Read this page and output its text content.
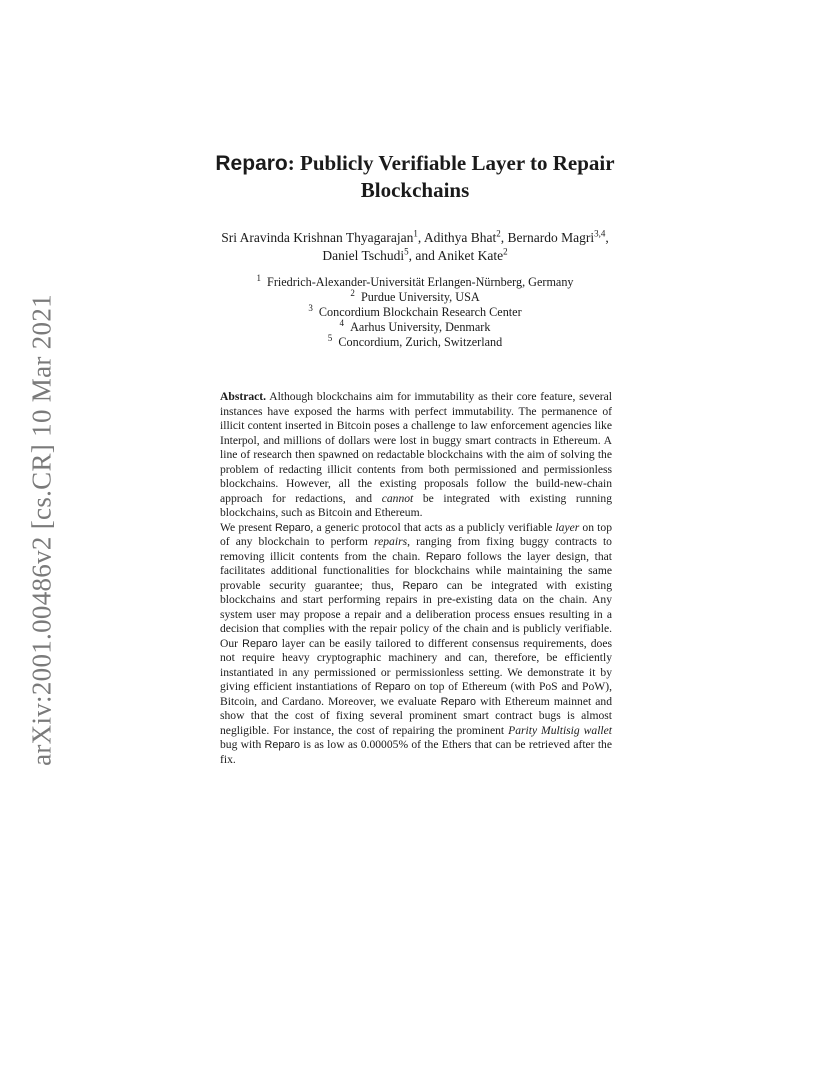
arXiv:2001.00486v2 [cs.CR] 10 Mar 2021
Reparo: Publicly Verifiable Layer to Repair
Blockchains
Sri Aravinda Krishnan Thyagarajan$^1$, Adithya Bhat$^2$, Bernardo Magri$^{3,4}$,
Daniel Tschudi$^5$, and Aniket Kate$^2$
$^1$ Friedrich-Alexander-Universität Erlangen-Nürnberg, Germany
$^2$ Purdue University, USA
$^3$ Concordium Blockchain Research Center
$^4$ Aarhus University, Denmark
$^5$ Concordium, Zurich, Switzerland

Abstract. Although blockchains aim for immutability as their core feature, several instances have exposed the harms with perfect immutability. The permanence of illicit content inserted in Bitcoin poses a challenge to law enforcement agencies like Interpol, and millions of dollars were lost in buggy smart contracts in Ethereum. A line of research then spawned on redactable blockchains with the aim of solving the problem of redacting illicit contents from both permissioned and permissionless blockchains. However, all the existing proposals follow the build-new-chain approach for redactions, and cannot be integrated with existing running blockchains, such as Bitcoin and Ethereum.

We present Reparo, a generic protocol that acts as a publicly verifiable layer on top of any blockchain to perform repairs, ranging from fixing buggy contracts to removing illicit contents from the chain. Reparo follows the layer design, that facilitates additional functionalities for blockchains while maintaining the same provable security guarantee; thus, Reparo can be integrated with existing blockchains and start performing repairs in pre-existing data on the chain. Any system user may propose a repair and a deliberation process ensues resulting in a decision that complies with the repair policy of the chain and is publicly verifiable. Our Reparo layer can be easily tailored to different consensus requirements, does not require heavy cryptographic machinery and can, therefore, be efficiently instantiated in any permissioned or permissionless setting. We demonstrate it by giving efficient instantiations of Reparo on top of Ethereum (with PoS and PoW), Bitcoin, and Cardano. Moreover, we evaluate Reparo with Ethereum mainnet and show that the cost of fixing several prominent smart contract bugs is almost negligible. For instance, the cost of repairing the prominent Parity Multisig wallet bug with Reparo is as low as 0.00005% of the Ethers that can be retrieved after the fix.
